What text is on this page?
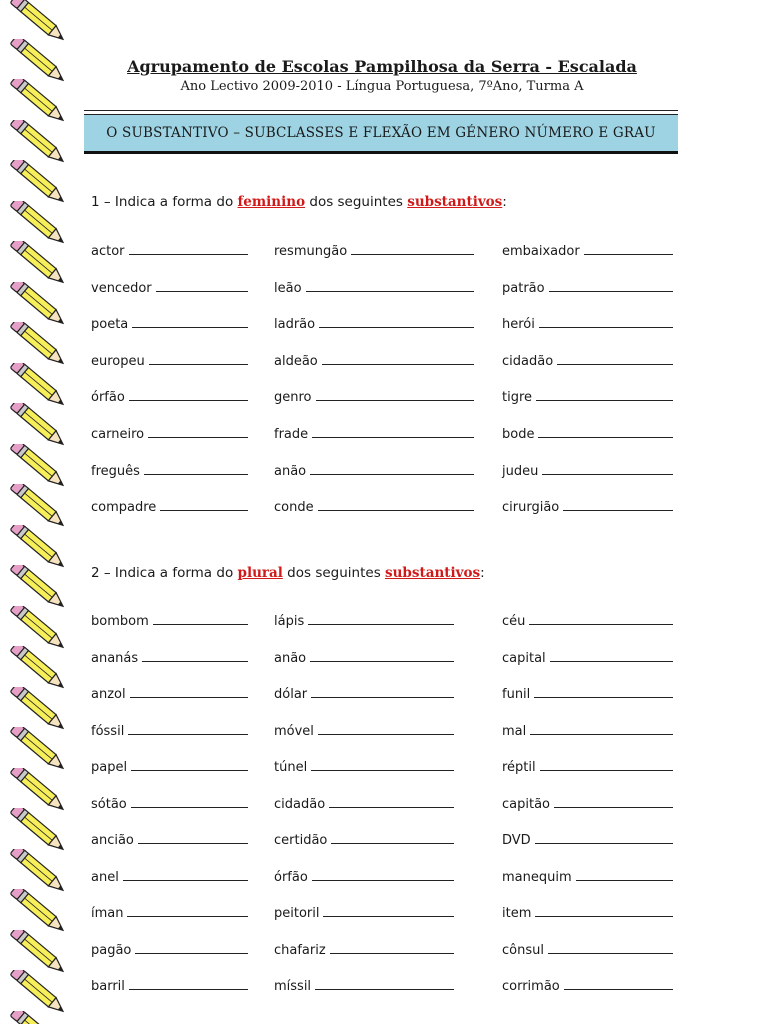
Agrupamento de Escolas Pampilhosa da Serra - Escalada
Ano Lectivo 2009-2010 - Língua Portuguesa, 7ºAno, Turma A
O SUBSTANTIVO – SUBCLASSES E FLEXÃO EM GÉNERO NÚMERO E GRAU
1 – Indica a forma do feminino dos seguintes substantivos:
2 – Indica a forma do plural dos seguintes substantivos:
actor
vencedor
poeta
europeu
órfão
carneiro
freguês
compadre
resmungão
leão
ladrão
aldeão
genro
frade
anão
conde
embaixador
patrão
herói
cidadão
tigre
bode
judeu
cirurgião
bombom
ananás
anzol
fóssil
papel
sótão
ancião
anel
íman
pagão
barril
lápis
anão
dólar
móvel
túnel
cidadão
certidão
órfão
peitoril
chafariz
míssil
céu
capital
funil
mal
réptil
capitão
DVD
manequim
item
cônsul
corrimão
